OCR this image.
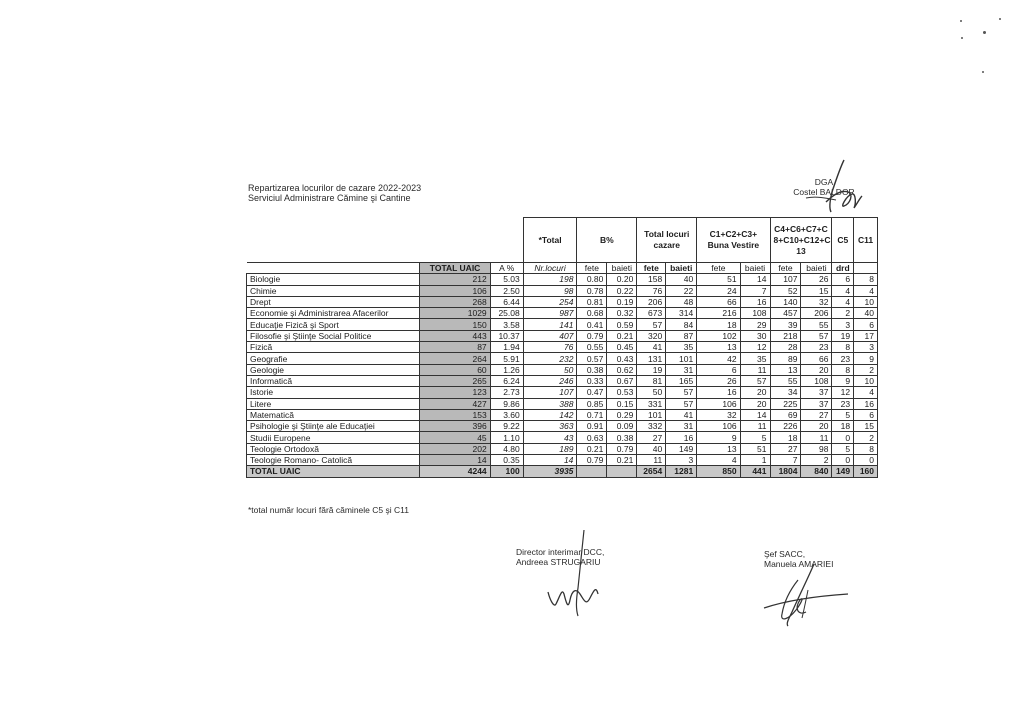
Repartizarea locurilor de cazare 2022-2023
Serviciul Administrare Cămine şi Cantine
DGA
Costel BALDOR
			*Total	B%		Total locuri cazare		C1+C2+C3+ Buna Vestire		C4+C6+C7+C 8+C10+C12+C 13		C5	C11
	TOTAL UAIC	A %	Nr.locuri	fete	baieti	fete	baieti	fete	baieti	fete	baieti	drd	
Biologie	212	5.03	198	0.80	0.20	158	40	51	14	107	26	6	8
Chimie	106	2.50	98	0.78	0.22	76	22	24	7	52	15	4	4
Drept	268	6.44	254	0.81	0.19	206	48	66	16	140	32	4	10
Economie şi Administrarea Afacerilor	1029	25.08	987	0.68	0.32	673	314	216	108	457	206	2	40
Educaţie Fizică şi Sport	150	3.58	141	0.41	0.59	57	84	18	29	39	55	3	6
Filosofie şi Ştiinţe Social Politice	443	10.37	407	0.79	0.21	320	87	102	30	218	57	19	17
Fizică	87	1.94	76	0.55	0.45	41	35	13	12	28	23	8	3
Geografie	264	5.91	232	0.57	0.43	131	101	42	35	89	66	23	9
Geologie	60	1.26	50	0.38	0.62	19	31	6	11	13	20	8	2
Informatică	265	6.24	246	0.33	0.67	81	165	26	57	55	108	9	10
Istorie	123	2.73	107	0.47	0.53	50	57	16	20	34	37	12	4
Litere	427	9.86	388	0.85	0.15	331	57	106	20	225	37	23	16
Matematică	153	3.60	142	0.71	0.29	101	41	32	14	69	27	5	6
Psihologie şi Ştiinţe ale Educaţiei	396	9.22	363	0.91	0.09	332	31	106	11	226	20	18	15
Studii Europene	45	1.10	43	0.63	0.38	27	16	9	5	18	11	0	2
Teologie Ortodoxă	202	4.80	189	0.21	0.79	40	149	13	51	27	98	5	8
Teologie Romano- Catolică	14	0.35	14	0.79	0.21	11	3	4	1	7	2	0	0
TOTAL UAIC	4244	100	3935			2654	1281	850	441	1804	840	149	160
*total număr locuri fără căminele C5 şi C11
Director interimar DCC,
Andreea STRUGARIU
Şef SACC,
Manuela AMARIEI
